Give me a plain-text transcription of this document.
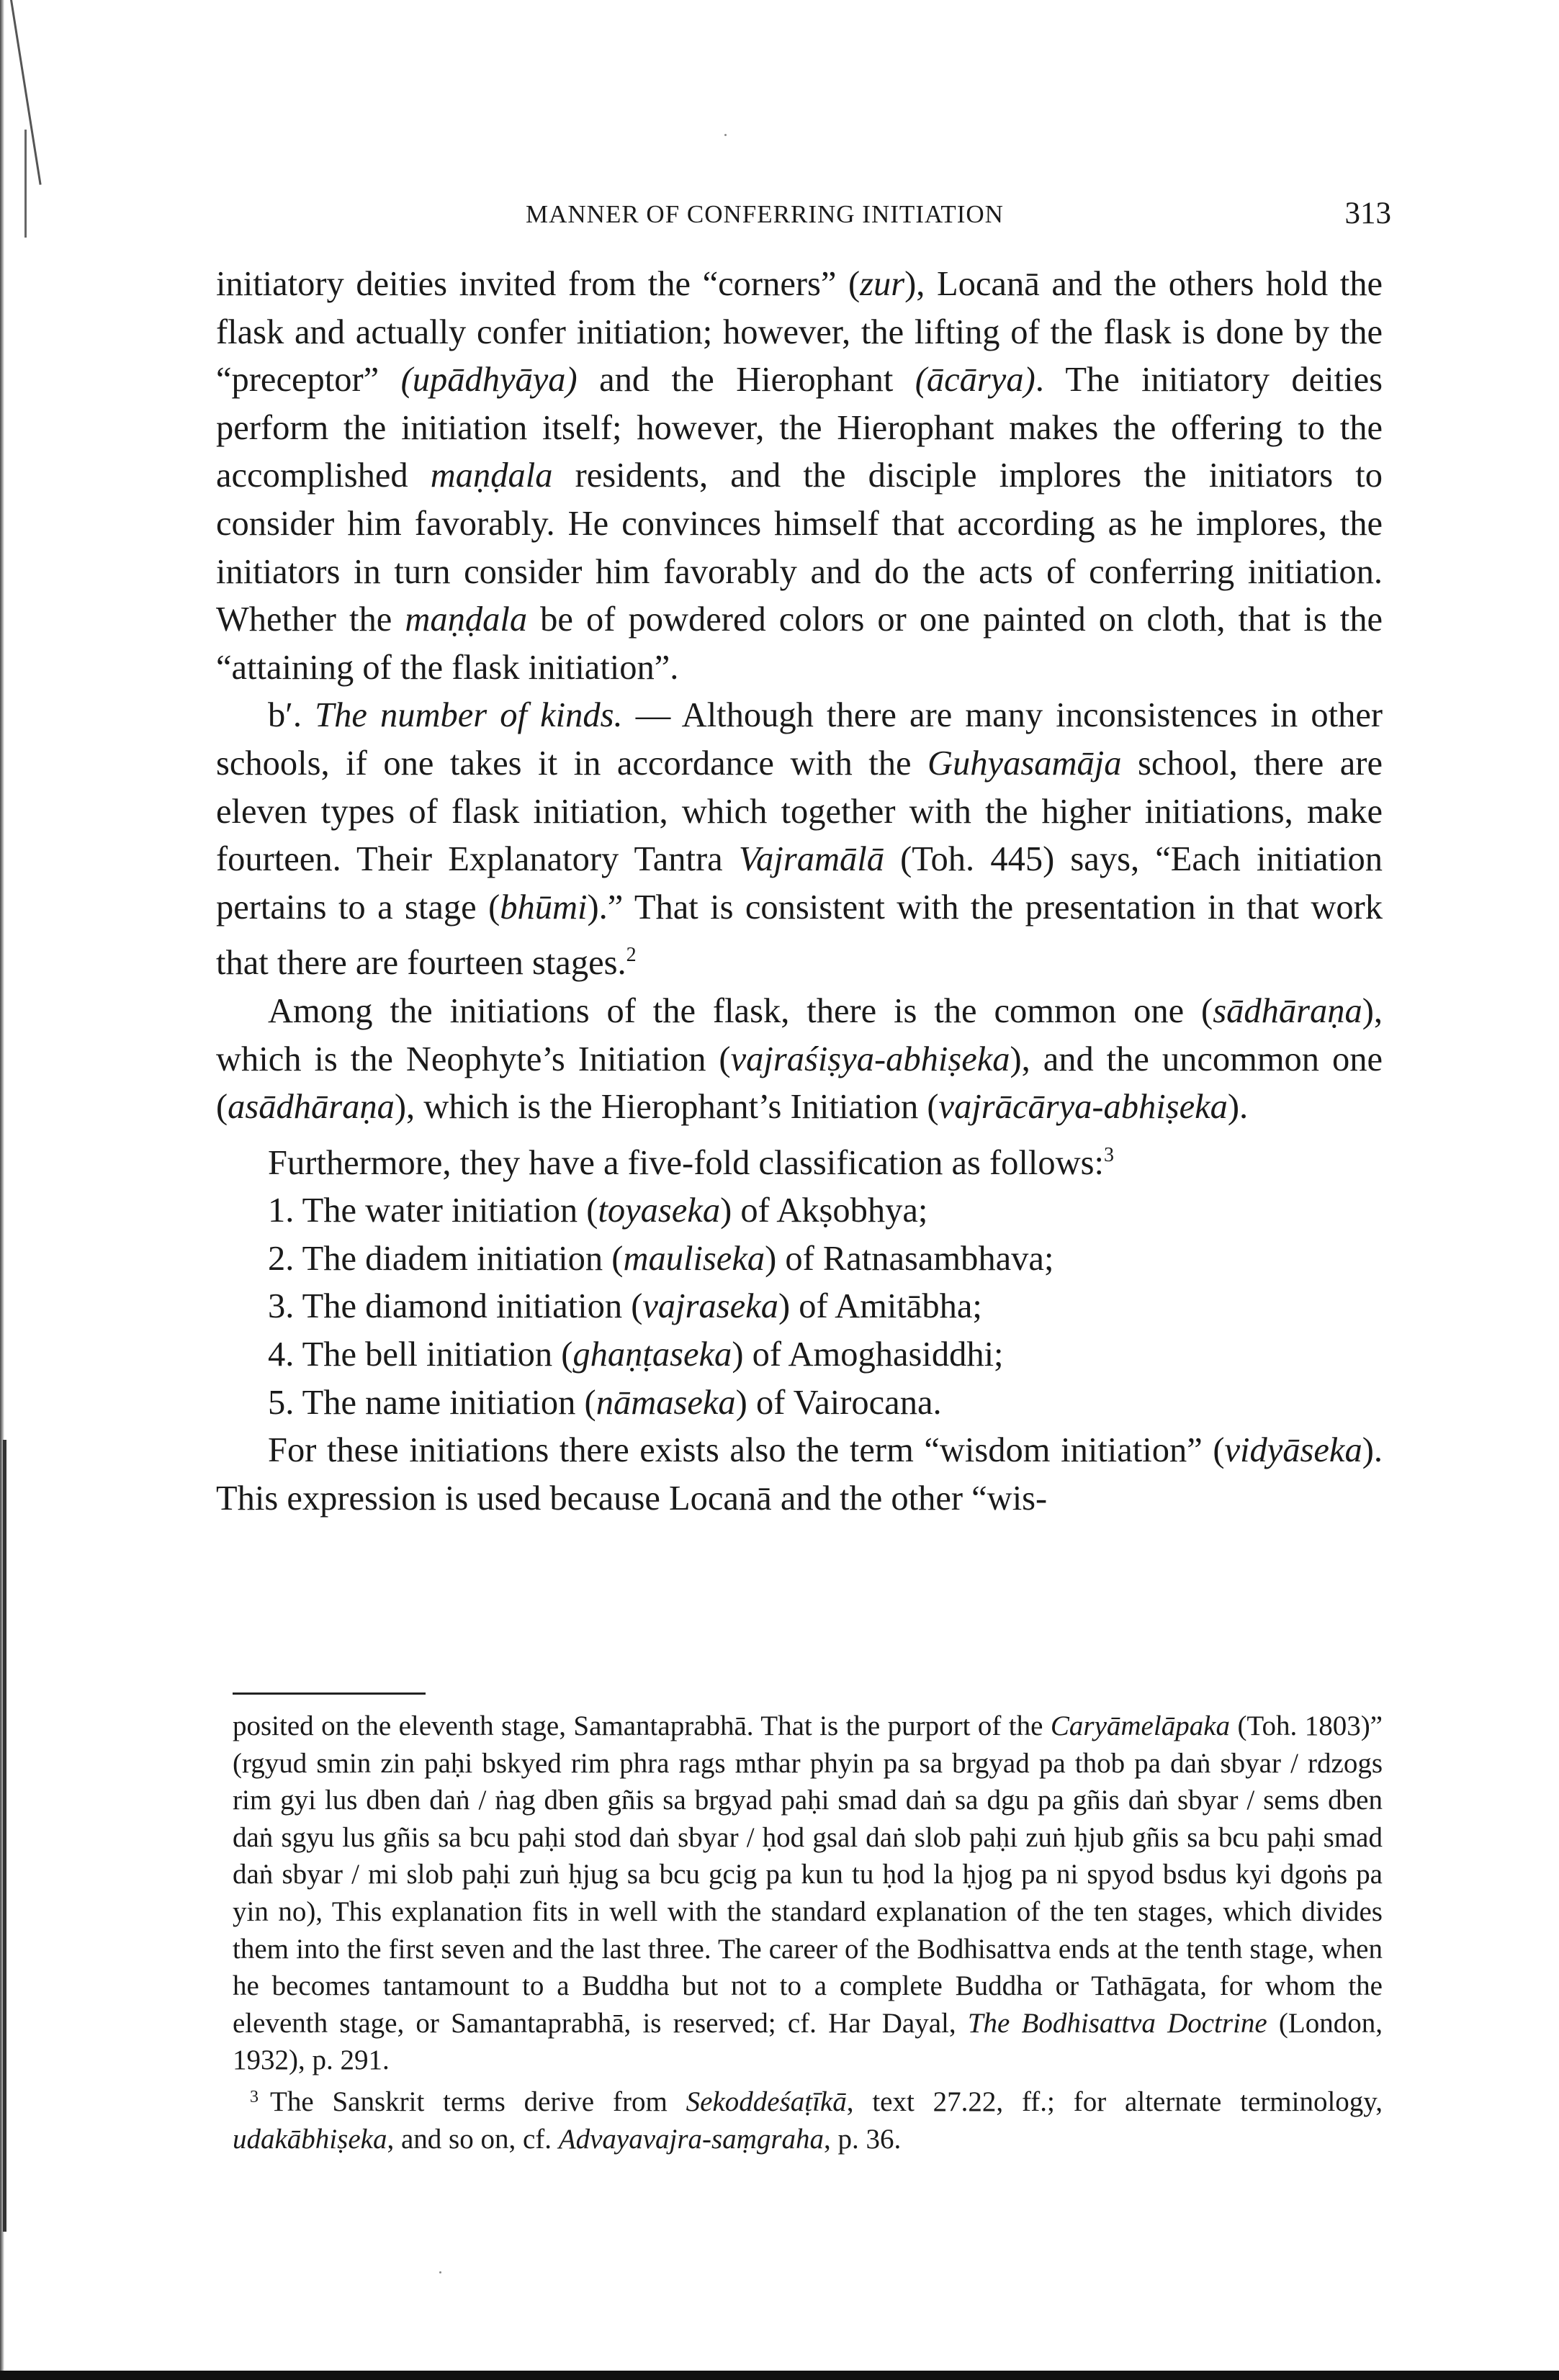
MANNER OF CONFERRING INITIATION	313

initiatory deities invited from the “corners” (zur), Locanā and the others hold the flask and actually confer initiation; however, the lifting of the flask is done by the “preceptor” (upādhyāya) and the Hierophant (ācārya). The initiatory deities perform the initiation itself; however, the Hierophant makes the offering to the accomplished maṇḍala residents, and the disciple implores the initiators to consider him favorably. He convinces himself that according as he implores, the initiators in turn consider him favorably and do the acts of conferring initiation. Whether the maṇḍala be of powdered colors or one painted on cloth, that is the “attaining of the flask initiation”.

b′. The number of kinds. — Although there are many inconsistences in other schools, if one takes it in accordance with the Guhyasamāja school, there are eleven types of flask initiation, which together with the higher initiations, make fourteen. Their Explanatory Tantra Vajramālā (Toh. 445) says, “Each initiation pertains to a stage (bhūmi).” That is consistent with the presentation in that work that there are fourteen stages.$^2$

Among the initiations of the flask, there is the common one (sādhāraṇa), which is the Neophyte’s Initiation (vajraśiṣya-abhiṣeka), and the uncommon one (asādhāraṇa), which is the Hierophant’s Initiation (vajrācārya-abhiṣeka).

Furthermore, they have a five-fold classification as follows:$^3$

1. The water initiation (toyaseka) of Akṣobhya;
2. The diadem initiation (mauliseka) of Ratnasambhava;
3. The diamond initiation (vajraseka) of Amitābha;
4. The bell initiation (ghaṇṭaseka) of Amoghasiddhi;
5. The name initiation (nāmaseka) of Vairocana.

For these initiations there exists also the term “wisdom initiation” (vidyāseka). This expression is used because Locanā and the other “wis-

posited on the eleventh stage, Samantaprabhā. That is the purport of the Caryāmelāpaka (Toh. 1803)” (rgyud smin zin paḥi bskyed rim phra rags mthar phyin pa sa brgyad pa thob pa daṅ sbyar / rdzogs rim gyi lus dben daṅ / ṅag dben gñis sa brgyad paḥi smad daṅ sa dgu pa gñis daṅ sbyar / sems dben daṅ sgyu lus gñis sa bcu paḥi stod daṅ sbyar / ḥod gsal daṅ slob paḥi zuṅ ḥjub gñis sa bcu paḥi smad daṅ sbyar / mi slob paḥi zuṅ ḥjug sa bcu gcig pa kun tu ḥod la ḥjog pa ni spyod bsdus kyi dgoṅs pa yin no), This explanation fits in well with the standard explanation of the ten stages, which divides them into the first seven and the last three. The career of the Bodhisattva ends at the tenth stage, when he becomes tantamount to a Buddha but not to a complete Buddha or Tathāgata, for whom the eleventh stage, or Samantaprabhā, is reserved; cf. Har Dayal, The Bodhisattva Doctrine (London, 1932), p. 291.

$^3$ The Sanskrit terms derive from Sekoddeśaṭīkā, text 27.22, ff.; for alternate terminology, udakābhiṣeka, and so on, cf. Advayavajra-saṃgraha, p. 36.
